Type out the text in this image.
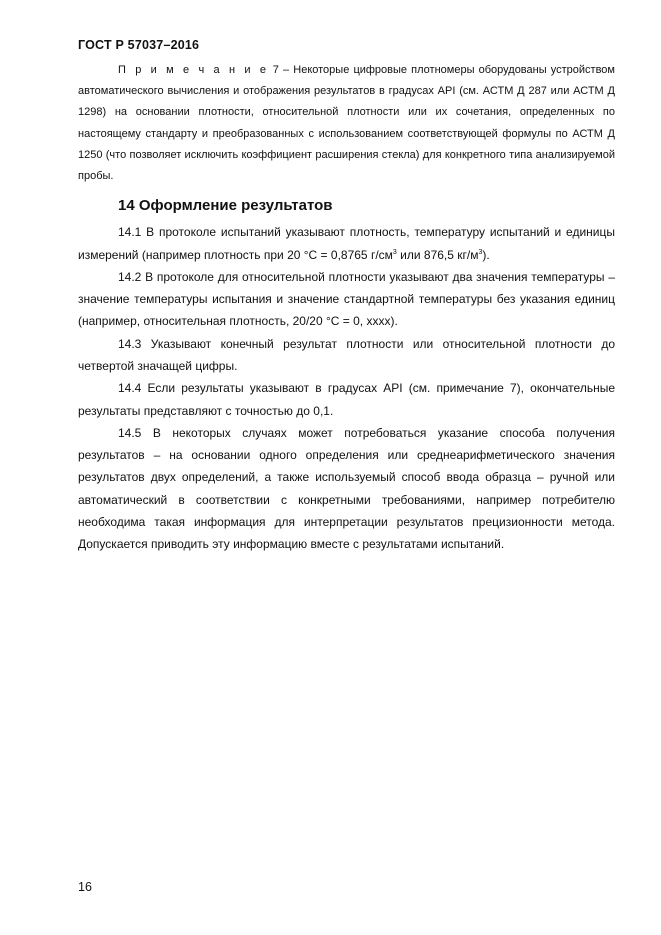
ГОСТ Р 57037–2016

П р и м е ч а н и е 7 – Некоторые цифровые плотномеры оборудованы устройством автоматического вычисления и отображения результатов в градусах API (см. АСТМ Д 287 или АСТМ Д 1298) на основании плотности, относительной плотности или их сочетания, определенных по настоящему стандарту и преобразованных с использованием соответствующей формулы по АСТМ Д 1250 (что позволяет исключить коэффициент расширения стекла) для конкретного типа анализируемой пробы.

14 Оформление результатов

14.1 В протоколе испытаний указывают плотность, температуру испытаний и единицы измерений (например плотность при 20 °С = 0,8765 $г/см^3$ или 876,5 $кг/м^3$).

14.2 В протоколе для относительной плотности указывают два значения температуры – значение температуры испытания и значение стандартной температуры без указания единиц (например, относительная плотность, 20/20 °С = 0, хххх).

14.3 Указывают конечный результат плотности или относительной плотности до четвертой значащей цифры.

14.4 Если результаты указывают в градусах API (см. примечание 7), окончательные результаты представляют с точностью до 0,1.

14.5 В некоторых случаях может потребоваться указание способа получения результатов – на основании одного определения или среднеарифметического значения результатов двух определений, а также используемый способ ввода образца – ручной или автоматический в соответствии с конкретными требованиями, например потребителю необходима такая информация для интерпретации результатов прецизионности метода. Допускается приводить эту информацию вместе с результатами испытаний.

16
